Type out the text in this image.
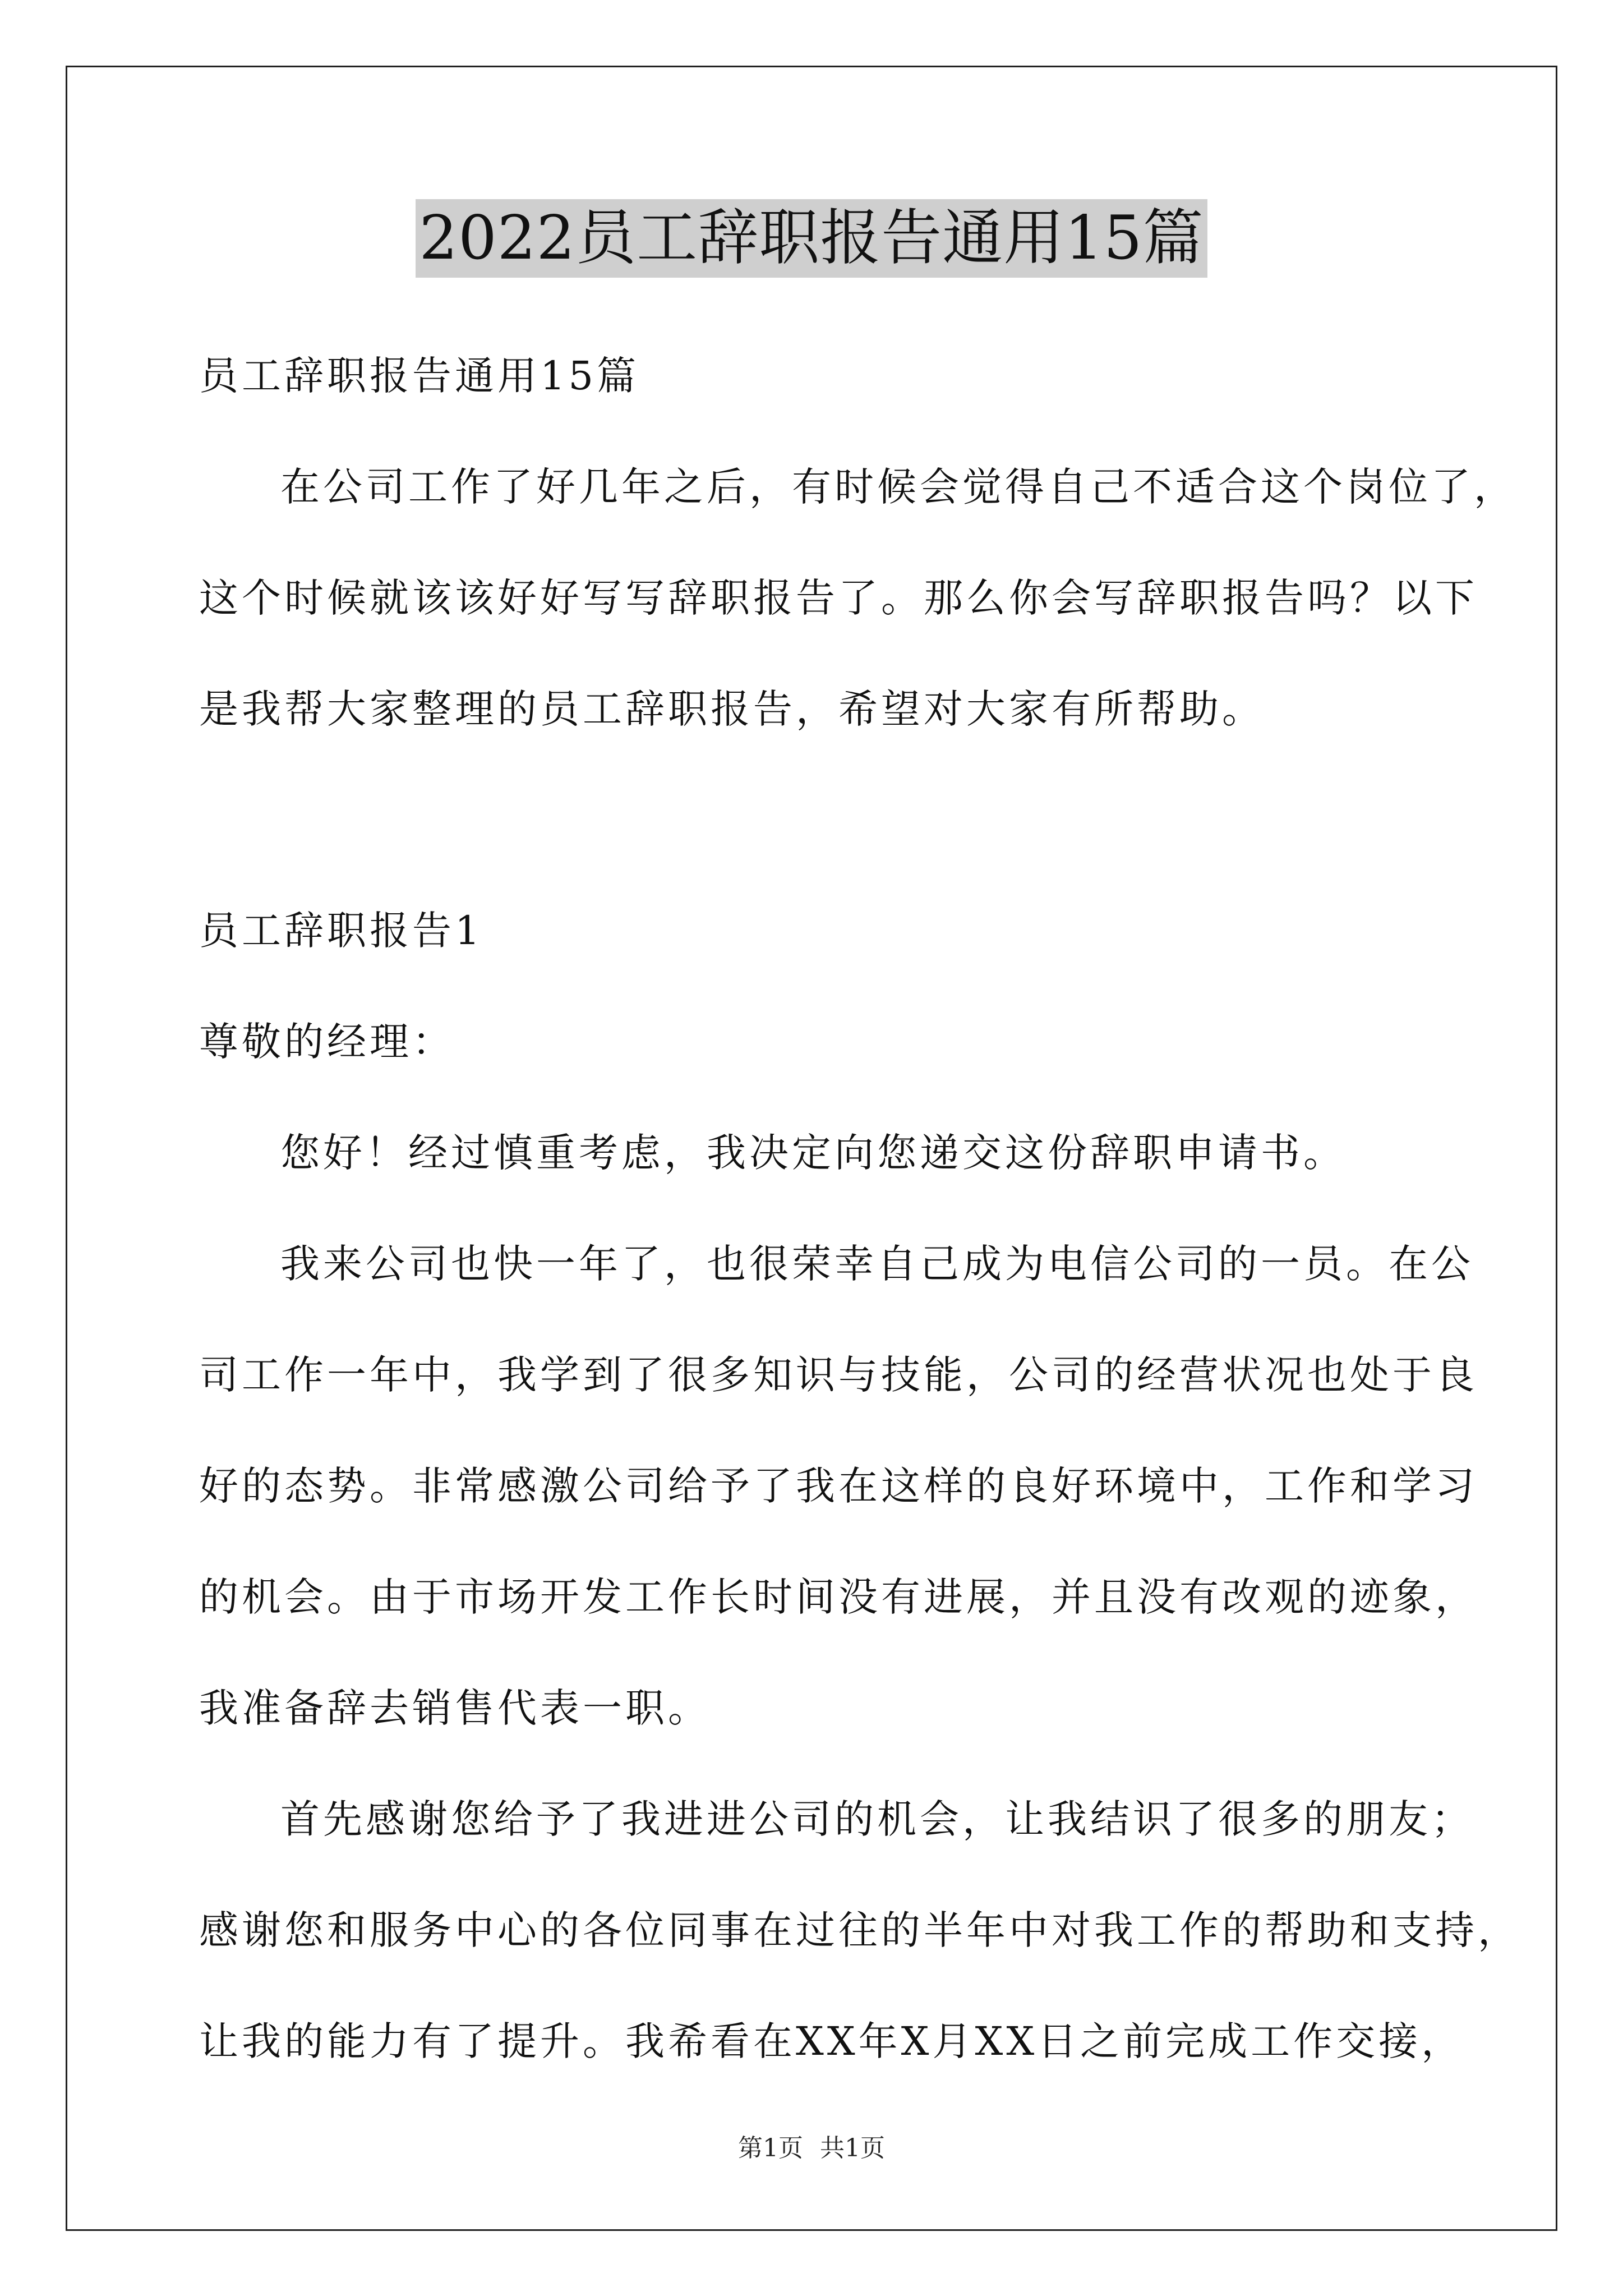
2022员工辞职报告通用15篇
员工辞职报告通用15篇
在公司工作了好几年之后，有时候会觉得自己不适合这个岗位了，
这个时候就该该好好写写辞职报告了。那么你会写辞职报告吗？以下
是我帮大家整理的员工辞职报告，希望对大家有所帮助。
员工辞职报告1
尊敬的经理：
您好！经过慎重考虑，我决定向您递交这份辞职申请书。
我来公司也快一年了，也很荣幸自己成为电信公司的一员。在公
司工作一年中，我学到了很多知识与技能，公司的经营状况也处于良
好的态势。非常感激公司给予了我在这样的良好环境中，工作和学习
的机会。由于市场开发工作长时间没有进展，并且没有改观的迹象，
我准备辞去销售代表一职。
首先感谢您给予了我进进公司的机会，让我结识了很多的朋友；
感谢您和服务中心的各位同事在过往的半年中对我工作的帮助和支持，
让我的能力有了提升。我希看在XX年X月XX日之前完成工作交接，
第1页 共1页
